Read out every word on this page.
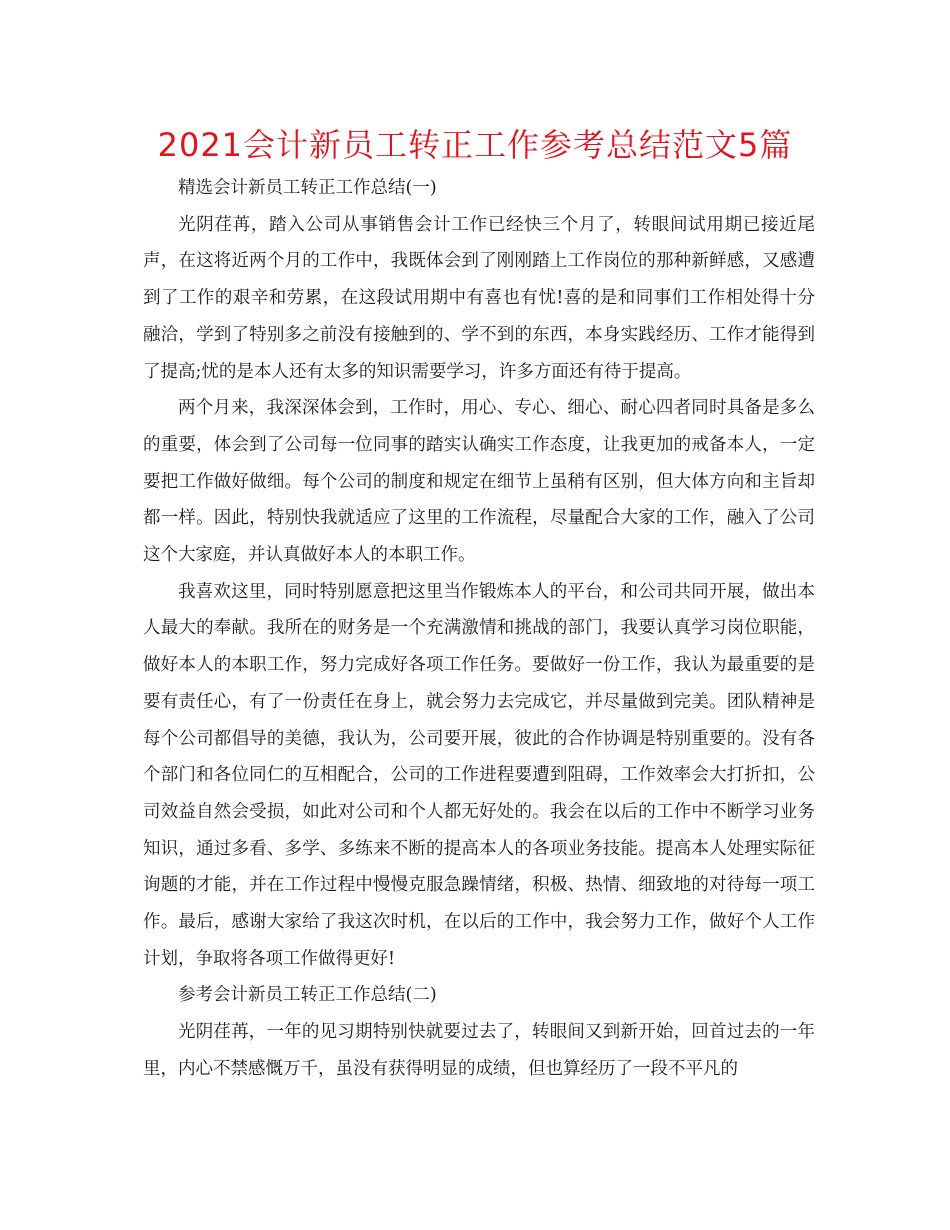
2021会计新员工转正工作参考总结范文5篇

精选会计新员工转正工作总结(一)

光阴荏苒，踏入公司从事销售会计工作已经快三个月了，转眼间试用期已接近尾声，在这将近两个月的工作中，我既体会到了刚刚踏上工作岗位的那种新鲜感，又感遭到了工作的艰辛和劳累，在这段试用期中有喜也有忧!喜的是和同事们工作相处得十分融洽，学到了特别多之前没有接触到的、学不到的东西，本身实践经历、工作才能得到了提高;忧的是本人还有太多的知识需要学习，许多方面还有待于提高。

两个月来，我深深体会到，工作时，用心、专心、细心、耐心四者同时具备是多么的重要，体会到了公司每一位同事的踏实认确实工作态度，让我更加的戒备本人，一定要把工作做好做细。每个公司的制度和规定在细节上虽稍有区别，但大体方向和主旨却都一样。因此，特别快我就适应了这里的工作流程，尽量配合大家的工作，融入了公司这个大家庭，并认真做好本人的本职工作。

我喜欢这里，同时特别愿意把这里当作锻炼本人的平台，和公司共同开展，做出本人最大的奉献。我所在的财务是一个充满激情和挑战的部门，我要认真学习岗位职能，做好本人的本职工作，努力完成好各项工作任务。要做好一份工作，我认为最重要的是要有责任心，有了一份责任在身上，就会努力去完成它，并尽量做到完美。团队精神是每个公司都倡导的美德，我认为，公司要开展，彼此的合作协调是特别重要的。没有各个部门和各位同仁的互相配合，公司的工作进程要遭到阻碍，工作效率会大打折扣，公司效益自然会受损，如此对公司和个人都无好处的。我会在以后的工作中不断学习业务知识，通过多看、多学、多练来不断的提高本人的各项业务技能。提高本人处理实际征询题的才能，并在工作过程中慢慢克服急躁情绪，积极、热情、细致地的对待每一项工作。最后，感谢大家给了我这次时机，在以后的工作中，我会努力工作，做好个人工作计划，争取将各项工作做得更好!

参考会计新员工转正工作总结(二)

光阴荏苒，一年的见习期特别快就要过去了，转眼间又到新开始，回首过去的一年里，内心不禁感慨万千，虽没有获得明显的成绩，但也算经历了一段不平凡的
